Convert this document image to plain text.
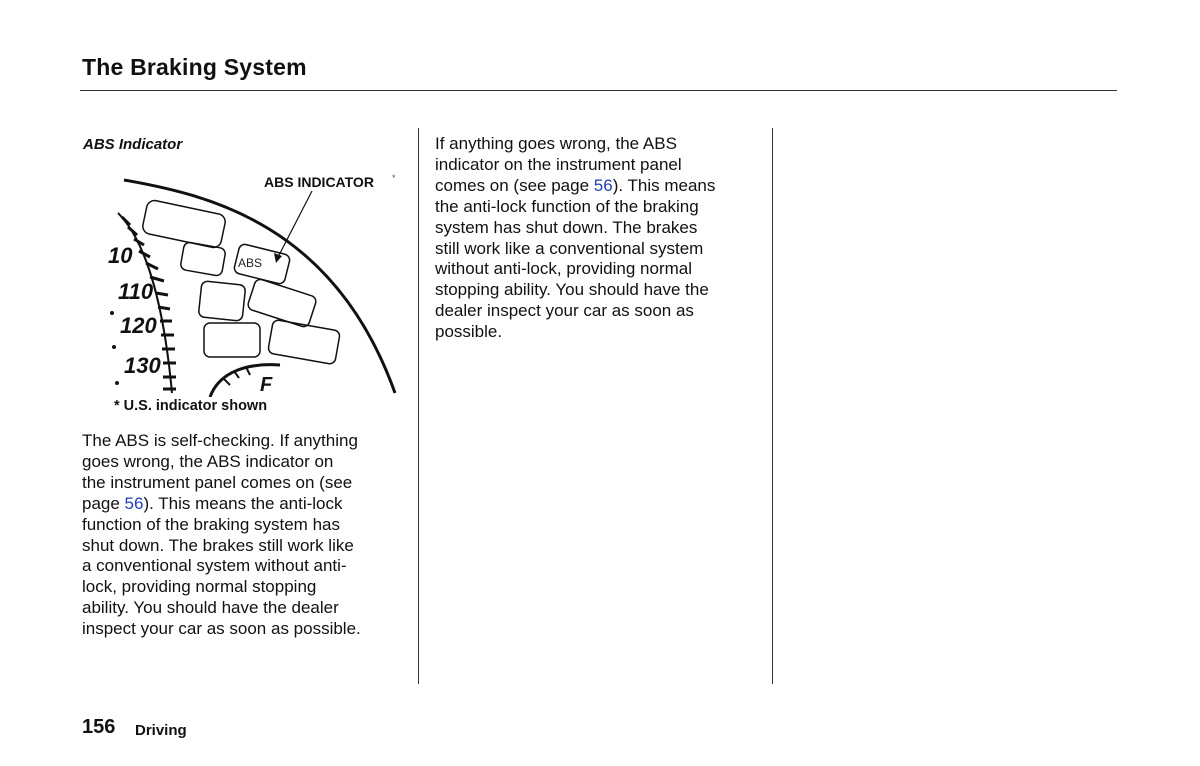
The Braking System
ABS Indicator
10
110
120
130
ABS
ABS INDICATOR *
F
* U.S. indicator shown
The ABS is self-checking. If anything
goes wrong, the ABS indicator on
the instrument panel comes on (see
page 56). This means the anti-lock
function of the braking system has
shut down. The brakes still work like
a conventional system without anti-
lock, providing normal stopping
ability. You should have the dealer
inspect your car as soon as possible.
If anything goes wrong, the ABS
indicator on the instrument panel
comes on (see page 56). This means
the anti-lock function of the braking
system has shut down. The brakes
still work like a conventional system
without anti-lock, providing normal
stopping ability. You should have the
dealer inspect your car as soon as
possible.
156 Driving
